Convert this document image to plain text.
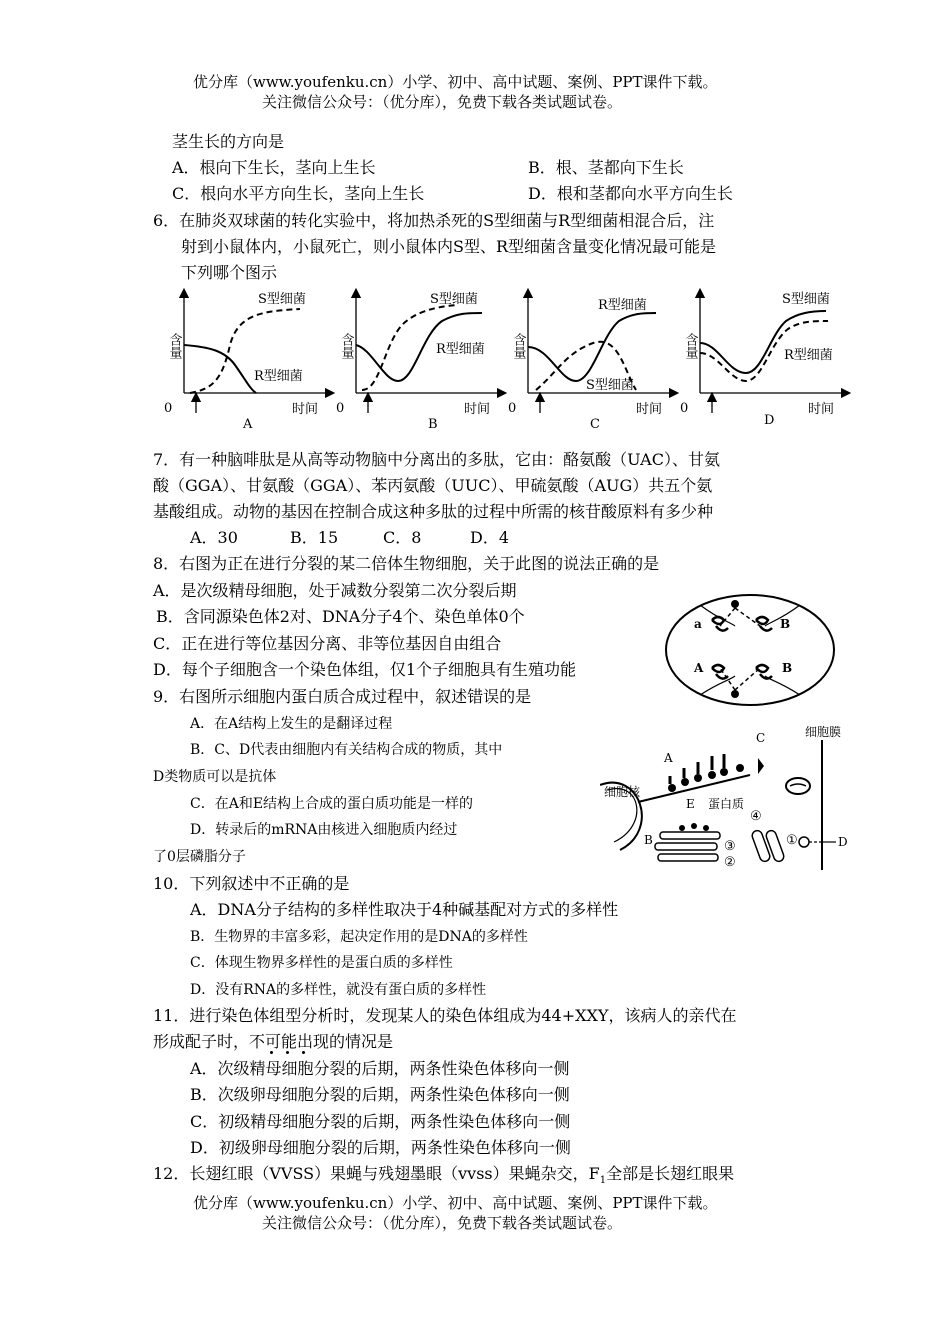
优分库（www.youfenku.cn）小学、初中、高中试题、案例、PPT课件下载。
关注微信公众号：（优分库），免费下载各类试题试卷。
茎生长的方向是
A．根向下生长，茎向上生长	B．根、茎都向下生长
C．根向水平方向生长，茎向上生长	D．根和茎都向水平方向生长
6．在肺炎双球菌的转化实验中，将加热杀死的S型细菌与R型细菌相混合后，注
射到小鼠体内，小鼠死亡，则小鼠体内S型、R型细菌含量变化情况最可能是
下列哪个图示
含量
0	时间
S型细菌
R型细菌
A
含量
0	时间
S型细菌
R型细菌
B
含量
0	时间
R型细菌
S型细菌
C
含量
0	时间
S型细菌
R型细菌
D
7．有一种脑啡肽是从高等动物脑中分离出的多肽，它由：酪氨酸（UAC）、甘氨
酸（GGA）、甘氨酸（GGA）、苯丙氨酸（UUC）、甲硫氨酸（AUG）共五个氨
基酸组成。动物的基因在控制合成这种多肽的过程中所需的核苷酸原料有多少种
A．30	B．15	C．8	D．4
8．右图为正在进行分裂的某二倍体生物细胞，关于此图的说法正确的是
A．是次级精母细胞，处于减数分裂第二次分裂后期
B．含同源染色体2对、DNA分子4个、染色单体0个
C．正在进行等位基因分离、非等位基因自由组合
D．每个子细胞含一个染色体组，仅1个子细胞具有生殖功能
a	B
A	B
9．右图所示细胞内蛋白质合成过程中，叙述错误的是
A．在A结构上发生的是翻译过程
B．C、D代表由细胞内有关结构合成的物质，其中
D类物质可以是抗体
C．在A和E结构上合成的蛋白质功能是一样的
D．转录后的mRNA由核进入细胞质内经过
了0层磷脂分子
细胞膜
细胞核
蛋白质
A
B
C
D
E
①
②
③
④
10．下列叙述中不正确的是
A．DNA分子结构的多样性取决于4种碱基配对方式的多样性
B．生物界的丰富多彩，起决定作用的是DNA的多样性
C．体现生物界多样性的是蛋白质的多样性
D．没有RNA的多样性，就没有蛋白质的多样性
11．进行染色体组型分析时，发现某人的染色体组成为44+XXY，该病人的亲代在
形成配子时，不可能出现的情况是
A．次级精母细胞分裂的后期，两条性染色体移向一侧
B．次级卵母细胞分裂的后期，两条性染色体移向一侧
C．初级精母细胞分裂的后期，两条性染色体移向一侧
D．初级卵母细胞分裂的后期，两条性染色体移向一侧
12．长翅红眼（VVSS）果蝇与残翅墨眼（vvss）果蝇杂交，$F_1$全部是长翅红眼果
优分库（www.youfenku.cn）小学、初中、高中试题、案例、PPT课件下载。
关注微信公众号：（优分库），免费下载各类试题试卷。
